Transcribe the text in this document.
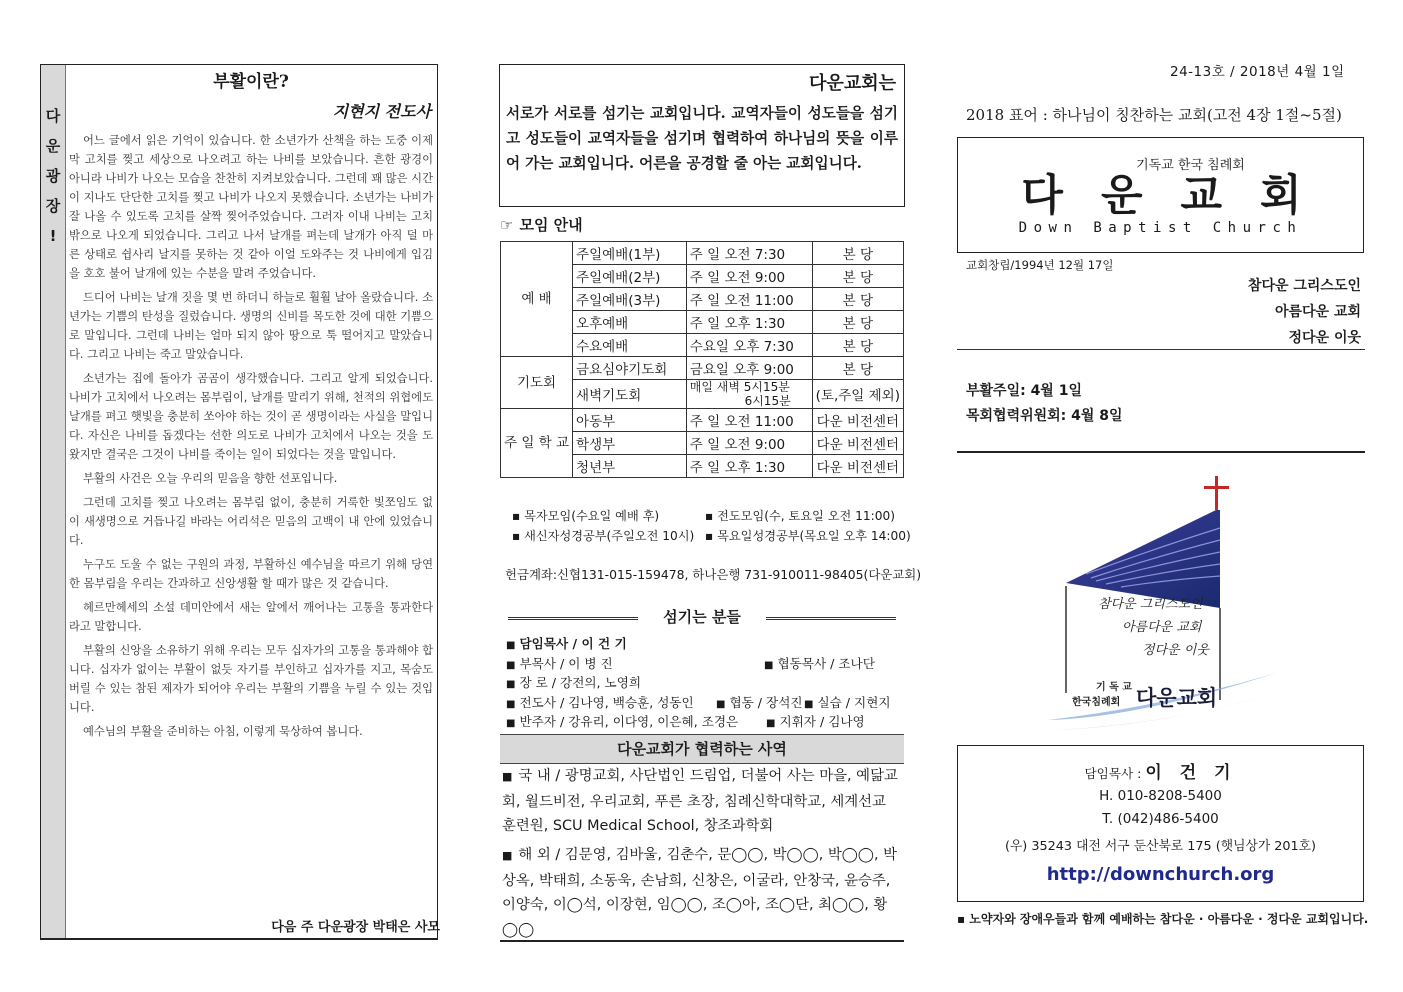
다
운
광
장
!
부활이란?
지현지 전도사

어느 글에서 읽은 기억이 있습니다. 한 소년가가 산책을 하는 도중 이제 막 고치를 찢고 세상으로 나오려고 하는 나비를 보았습니다. 흔한 광경이 아니라 나비가 나오는 모습을 찬찬히 지켜보았습니다. 그런데 꽤 많은 시간이 지나도 단단한 고치를 찢고 나비가 나오지 못했습니다. 소년가는 나비가 잘 나올 수 있도록 고치를 살짝 찢어주었습니다. 그러자 이내 나비는 고치 밖으로 나오게 되었습니다. 그리고 나서 날개를 펴는데 날개가 아직 덜 마른 상태로 쉽사리 날지를 못하는 것 같아 이얼 도와주는 것 나비에게 입김을 호호 불어 날개에 있는 수분을 말려 주었습니다.

드디어 나비는 날개 짓을 몇 번 하더니 하늘로 훨훨 날아 올랐습니다. 소년가는 기쁨의 탄성을 질렀습니다. 생명의 신비를 목도한 것에 대한 기쁨으로 말입니다. 그런데 나비는 얼마 되지 않아 땅으로 툭 떨어지고 말았습니다. 그리고 나비는 죽고 말았습니다.

소년가는 집에 돌아가 곰곰이 생각했습니다. 그리고 알게 되었습니다. 나비가 고치에서 나오려는 몸부림이, 날개를 말리기 위해, 천적의 위협에도 날개를 펴고 햇빛을 충분히 쏘아야 하는 것이 곧 생명이라는 사실을 말입니다. 자신은 나비를 돕겠다는 선한 의도로 나비가 고치에서 나오는 것을 도왔지만 결국은 그것이 나비를 죽이는 일이 되었다는 것을 말입니다.

부활의 사건은 오늘 우리의 믿음을 향한 선포입니다.

그런데 고치를 찢고 나오려는 몸부림 없이, 충분히 거룩한 빛쪼임도 없이 새생명으로 거듭나길 바라는 어리석은 믿음의 고백이 내 안에 있었습니다.

누구도 도울 수 없는 구원의 과정, 부활하신 예수님을 따르기 위해 당연한 몸부림을 우리는 간과하고 신앙생활 할 때가 많은 것 같습니다.

헤르만헤세의 소설 데미안에서 새는 알에서 깨어나는 고통을 통과한다라고 말합니다.

부활의 신앙을 소유하기 위해 우리는 모두 십자가의 고통을 통과해야 합니다. 십자가 없이는 부활이 없듯 자기를 부인하고 십자가를 지고, 목숨도 버릴 수 있는 참된 제자가 되어야 우리는 부활의 기쁨을 누릴 수 있는 것입니다.

예수님의 부활을 준비하는 아침, 이렇게 묵상하여 봅니다.

다음 주 다운광장 박태은 사모
다운교회는
서로가 서로를 섬기는 교회입니다. 교역자들이 성도들을 섬기고 성도들이 교역자들을 섬기며 협력하여 하나님의 뜻을 이루어 가는 교회입니다. 어른을 공경할 줄 아는 교회입니다.
☞ 모임 안내
예 배	주일예배(1부)	주 일 오전 7:30	본 당
	주일예배(2부)	주 일 오전 9:00	본 당
	주일예배(3부)	주 일 오전 11:00	본 당
	오후예배	주 일 오후 1:30	본 당
	수요예배	수요일 오후 7:30	본 당
기도회	금요심야기도회	금요일 오후 9:00	본 당
	새벽기도회	매일 새벽 5시15분
6시15분	(토,주일 제외)
주 일 학 교	아동부	주 일 오전 11:00	다운 비전센터
	학생부	주 일 오전 9:00	다운 비전센터
	청년부	주 일 오후 1:30	다운 비전센터
▪ 목자모임(수요일 예배 후)	▪ 전도모임(수, 토요일 오전 11:00)
▪ 새신자성경공부(주일오전 10시) ▪ 목요일성경공부(목요일 오후 14:00)
헌금계좌:신협131-015-159478, 하나은행 731-910011-98405(다운교회)
섬기는 분들
■ 담임목사 / 이 건 기
■ 부목사 / 이 병 진	■ 협동목사 / 조나단
■ 장 로 / 강전의, 노영희
■ 전도사 / 김나영, 백승훈, 성동인 ■ 협동 / 장석진 ■ 실습 / 지현지
■ 반주자 / 강유리, 이다영, 이은혜, 조경은	■ 지휘자 / 김나영
다운교회가 협력하는 사역
■ 국 내 / 광명교회, 사단법인 드림업, 더불어 사는 마을, 예닮교회, 월드비전, 우리교회, 푸른 초장, 침례신학대학교, 세계선교 훈련원, SCU Medical School, 창조과학회
■ 해 외 / 김문영, 김바울, 김춘수, 문◯◯, 박◯◯, 박◯◯, 박상옥, 박태희, 소동욱, 손남희, 신창은, 이굴라, 안창국, 윤승주, 이양숙, 이◯석, 이장현, 임◯◯, 조◯아, 조◯단, 최◯◯, 황◯◯
24-13호 / 2018년 4월 1일
2018 표어 : 하나님이 칭찬하는 교회(고전 4장 1절~5절)
기독교 한국 침례회
다운교회
Down Baptist Church
교회창립/1994년 12월 17일
참다운 그리스도인
아름다운 교회
정다운 이웃
부활주일: 4월 1일
목회협력위원회: 4월 8일
참다운 그리스도인
아름다운 교회
정다운 이웃
기 독 교
한국침례회 다운교회
담임목사 : 이 건 기
H. 010-8208-5400
T. (042)486-5400
(우) 35243 대전 서구 둔산북로 175 (햇님상가 201호)
http://downchurch.org
▪ 노약자와 장애우들과 함께 예배하는 참다운 · 아름다운 · 정다운 교회입니다.
